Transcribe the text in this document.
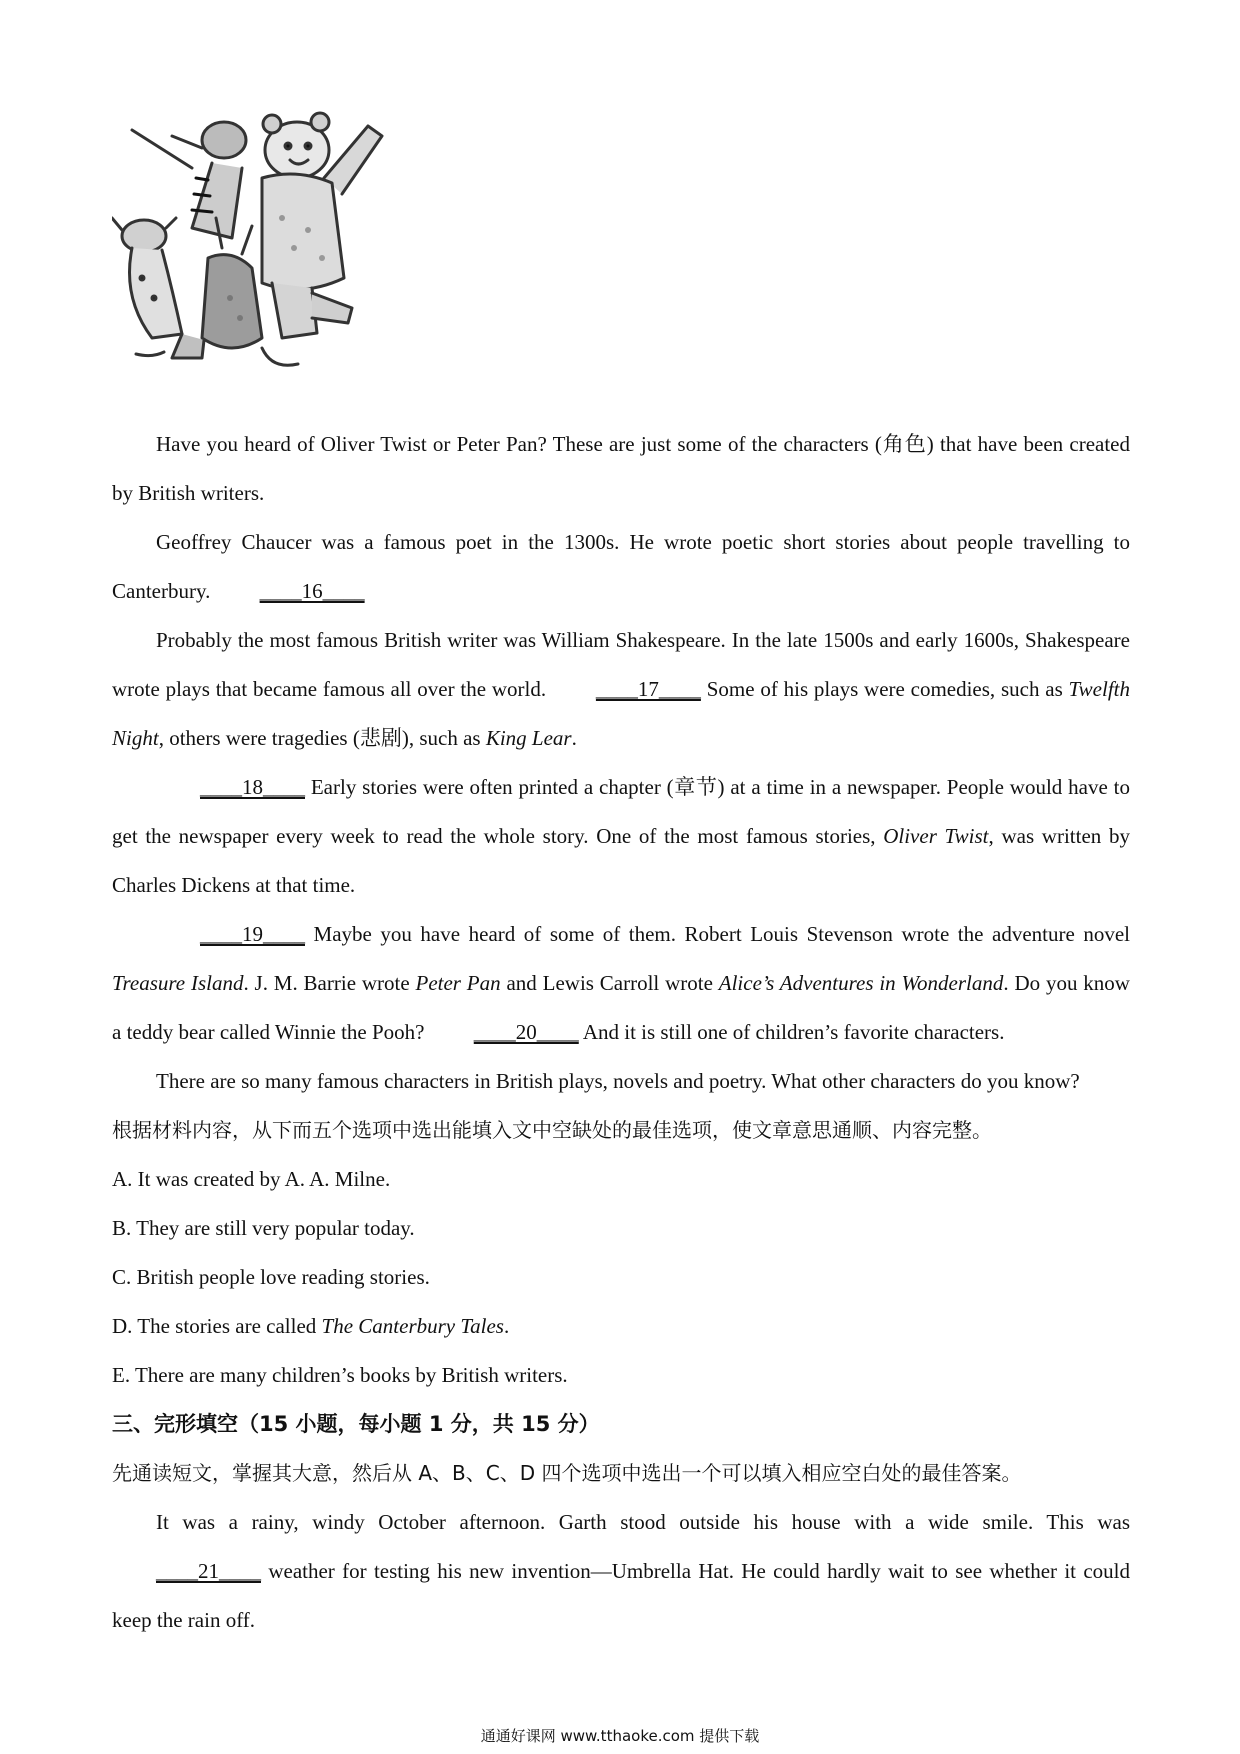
Have you heard of Oliver Twist or Peter Pan? These are just some of the characters (角色) that have been created by British writers.

Geoffrey Chaucer was a famous poet in the 1300s. He wrote poetic short stories about people travelling to Canterbury. ____16____

Probably the most famous British writer was William Shakespeare. In the late 1500s and early 1600s, Shakespeare wrote plays that became famous all over the world. ____17____ Some of his plays were comedies, such as Twelfth Night, others were tragedies (悲剧), such as King Lear.

____18____ Early stories were often printed a chapter (章节) at a time in a newspaper. People would have to get the newspaper every week to read the whole story. One of the most famous stories, Oliver Twist, was written by Charles Dickens at that time.

____19____ Maybe you have heard of some of them. Robert Louis Stevenson wrote the adventure novel Treasure Island. J. M. Barrie wrote Peter Pan and Lewis Carroll wrote Alice’s Adventures in Wonderland. Do you know a teddy bear called Winnie the Pooh? ____20____ And it is still one of children’s favorite characters.

There are so many famous characters in British plays, novels and poetry. What other characters do you know?

根据材料内容，从下而五个选项中选出能填入文中空缺处的最佳选项，使文章意思通顺、内容完整。

A. It was created by A. A. Milne.

B. They are still very popular today.

C. British people love reading stories.

D. The stories are called The Canterbury Tales.

E. There are many children’s books by British writers.

三、完形填空（15 小题，每小题 1 分，共 15 分）

先通读短文，掌握其大意，然后从 A、B、C、D 四个选项中选出一个可以填入相应空白处的最佳答案。

It was a rainy, windy October afternoon. Garth stood outside his house with a wide smile. This was ____21____ weather for testing his new invention—Umbrella Hat. He could hardly wait to see whether it could keep the rain off.

通通好课网 www.tthaoke.com 提供下载
